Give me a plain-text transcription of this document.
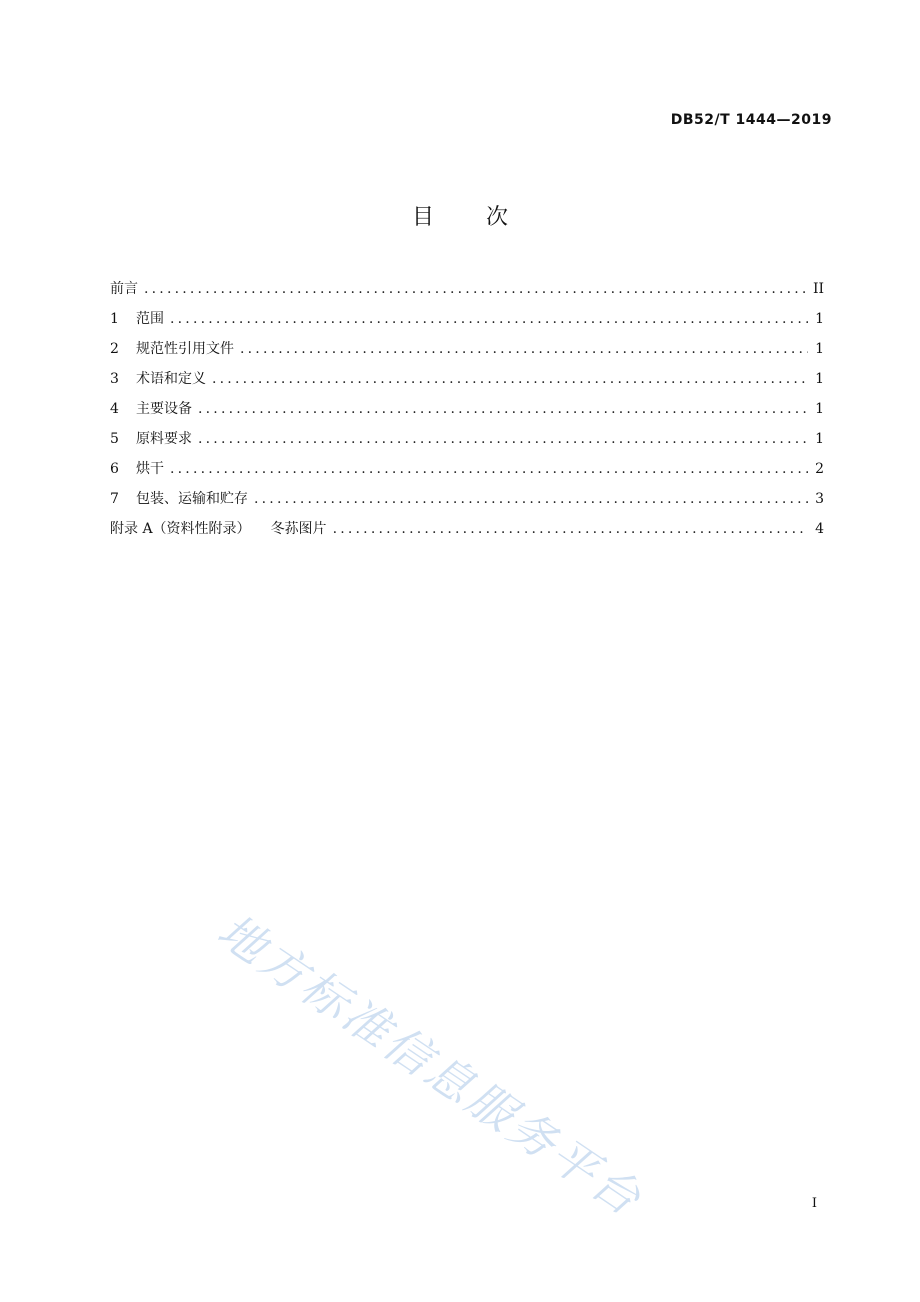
DB52/T 1444—2019
目 次
前言 .....	II
1	范围 .....	1
2	规范性引用文件 .....	1
3	术语和定义 .....	1
4	主要设备 .....	1
5	原料要求 .....	1
6	烘干 .....	2
7	包装、运输和贮存 .....	3
附录 A（资料性附录） 冬荪图片 .....	4
地方标准信息服务平台	I
